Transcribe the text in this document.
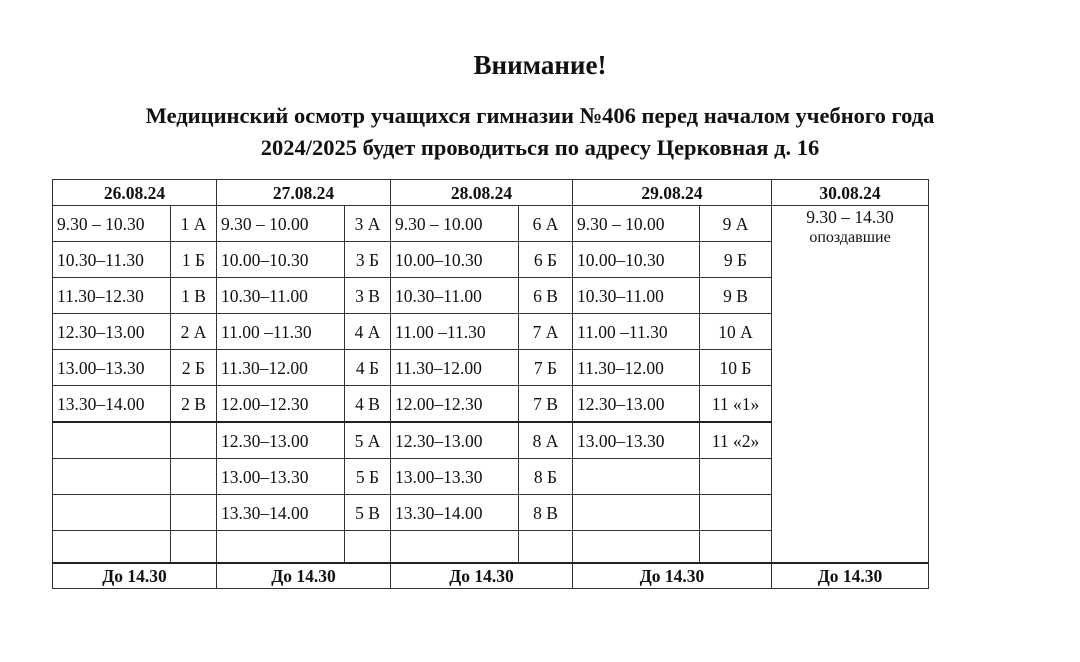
Внимание!
Медицинский осмотр учащихся гимназии №406 перед началом учебного года
2024/2025 будет проводиться по адресу Церковная д. 16
26.08.24		27.08.24		28.08.24		29.08.24		30.08.24
9.30 – 10.30	1 А	9.30 – 10.00	3 А	9.30 – 10.00	6 А	9.30 – 10.00	9 А	9.30 – 14.30
опоздавшие

10.30–11.30	1 Б	10.00–10.30	3 Б	10.00–10.30	6 Б	10.00–10.30	9 Б	
11.30–12.30	1 В	10.30–11.00	3 В	10.30–11.00	6 В	10.30–11.00	9 В	
12.30–13.00	2 А	11.00 –11.30	4 А	11.00 –11.30	7 А	11.00 –11.30	10 А	
13.00–13.30	2 Б	11.30–12.00	4 Б	11.30–12.00	7 Б	11.30–12.00	10 Б	
13.30–14.00	2 В	12.00–12.30	4 В	12.00–12.30	7 В	12.30–13.00	11 «1»	
		12.30–13.00	5 А	12.30–13.00	8 А	13.00–13.30	11 «2»	
		13.00–13.30	5 Б	13.00–13.30	8 Б			
		13.30–14.00	5 В	13.30–14.00	8 В			

До 14.30		До 14.30		До 14.30		До 14.30		До 14.30
